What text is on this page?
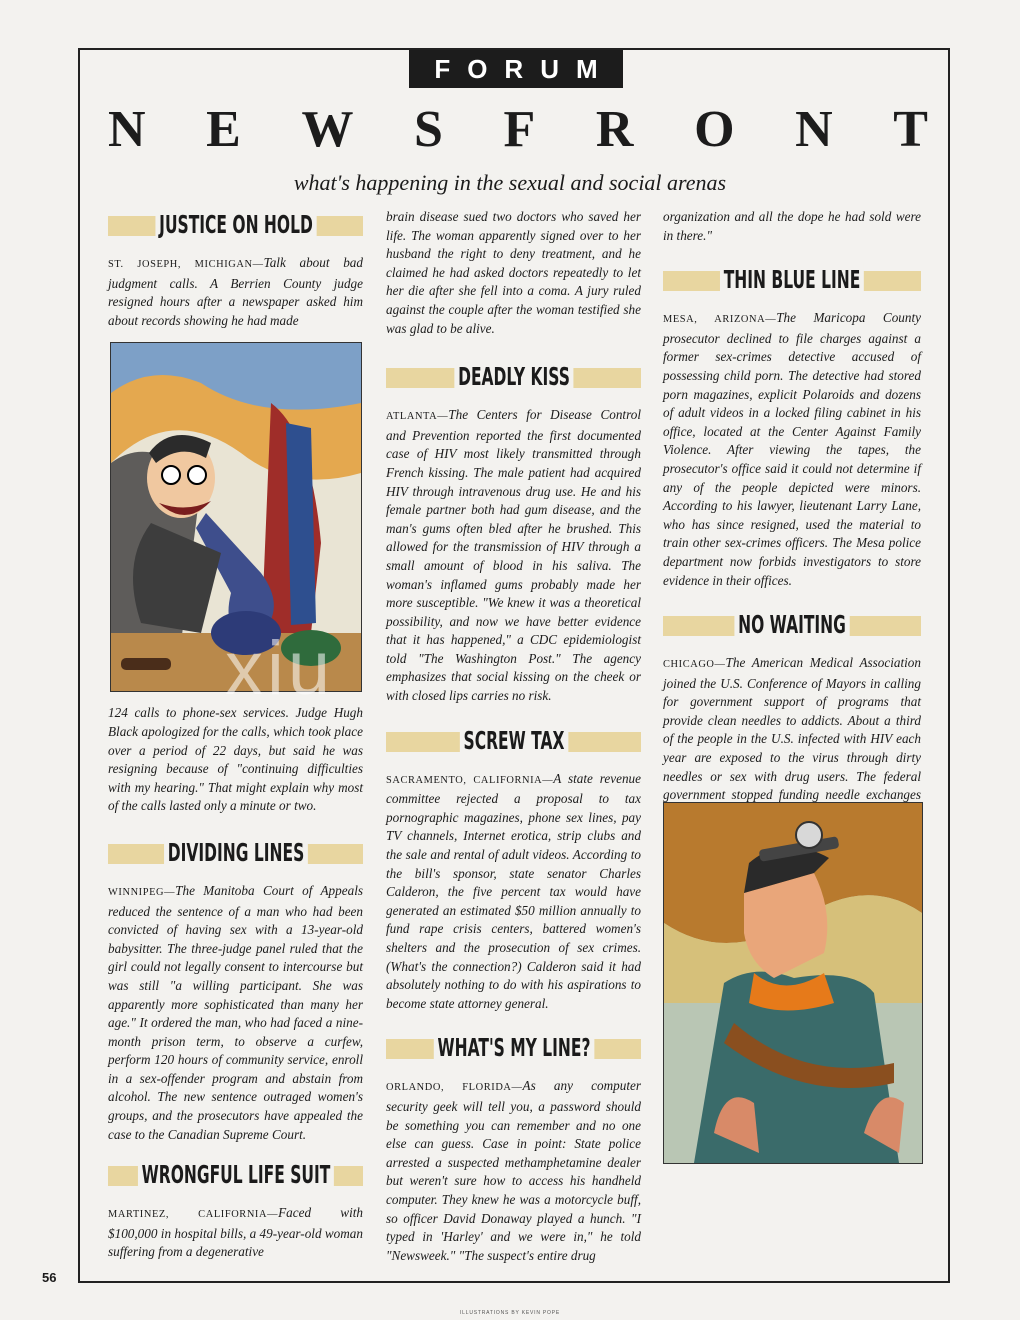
FORUM
N E W S F R O N T
what's happening in the sexual and social arenas
JUSTICE ON HOLD

ST. JOSEPH, MICHIGAN—Talk about bad judgment calls. A Berrien County judge resigned hours after a newspaper asked him about records showing he had made

124 calls to phone-sex services. Judge Hugh Black apologized for the calls, which took place over a period of 22 days, but said he was resigning because of "continuing difficulties with my hearing." That might explain why most of the calls lasted only a minute or two.

DIVIDING LINES

WINNIPEG—The Manitoba Court of Appeals reduced the sentence of a man who had been convicted of having sex with a 13-year-old babysitter. The three-judge panel ruled that the girl could not legally consent to intercourse but was still "a willing participant. She was apparently more sophisticated than many her age." It ordered the man, who had faced a nine-month prison term, to observe a curfew, perform 120 hours of community service, enroll in a sex-offender program and abstain from alcohol. The new sentence outraged women's groups, and the prosecutors have appealed the case to the Canadian Supreme Court.

WRONGFUL LIFE SUIT

MARTINEZ, CALIFORNIA—Faced with $100,000 in hospital bills, a 49-year-old woman suffering from a degenerative

brain disease sued two doctors who saved her life. The woman apparently signed over to her husband the right to deny treatment, and he claimed he had asked doctors repeatedly to let her die after she fell into a coma. A jury ruled against the couple after the woman testified she was glad to be alive.

DEADLY KISS

ATLANTA—The Centers for Disease Control and Prevention reported the first documented case of HIV most likely transmitted through French kissing. The male patient had acquired HIV through intravenous drug use. He and his female partner both had gum disease, and the man's gums often bled after he brushed. This allowed for the transmission of HIV through a small amount of blood in his saliva. The woman's inflamed gums probably made her more susceptible. "We knew it was a theoretical possibility, and now we have better evidence that it has happened," a CDC epidemiologist told "The Washington Post." The agency emphasizes that social kissing on the cheek or with closed lips carries no risk.

SCREW TAX

SACRAMENTO, CALIFORNIA—A state revenue committee rejected a proposal to tax pornographic magazines, phone sex lines, pay TV channels, Internet erotica, strip clubs and the sale and rental of adult videos. According to the bill's sponsor, state senator Charles Calderon, the five percent tax would have generated an estimated $50 million annually to fund rape crisis centers, battered women's shelters and the prosecution of sex crimes. (What's the connection?) Calderon said it had absolutely nothing to do with his aspirations to become state attorney general.

WHAT'S MY LINE?

ORLANDO, FLORIDA—As any computer security geek will tell you, a password should be something you can remember and no one else can guess. Case in point: State police arrested a suspected methamphetamine dealer but weren't sure how to access his handheld computer. They knew he was a motorcycle buff, so officer David Donaway played a hunch. "I typed in 'Harley' and we were in," he told "Newsweek." "The suspect's entire drug

organization and all the dope he had sold were in there."

THIN BLUE LINE

MESA, ARIZONA—The Maricopa County prosecutor declined to file charges against a former sex-crimes detective accused of possessing child porn. The detective had stored porn magazines, explicit Polaroids and dozens of adult videos in a locked filing cabinet in his office, located at the Center Against Family Violence. After viewing the tapes, the prosecutor's office said it could not determine if any of the people depicted were minors. According to his lawyer, lieutenant Larry Lane, who has since resigned, used the material to train other sex-crimes officers. The Mesa police department now forbids investigators to store evidence in their offices.

NO WAITING

CHICAGO—The American Medical Association joined the U.S. Conference of Mayors in calling for government support of programs that provide clean needles to addicts. About a third of the people in the U.S. infected with HIV each year are exposed to the virus through dirty needles or sex with drug users. The federal government stopped funding needle exchanges

56
ILLUSTRATIONS BY KEVIN POPE
xiu
